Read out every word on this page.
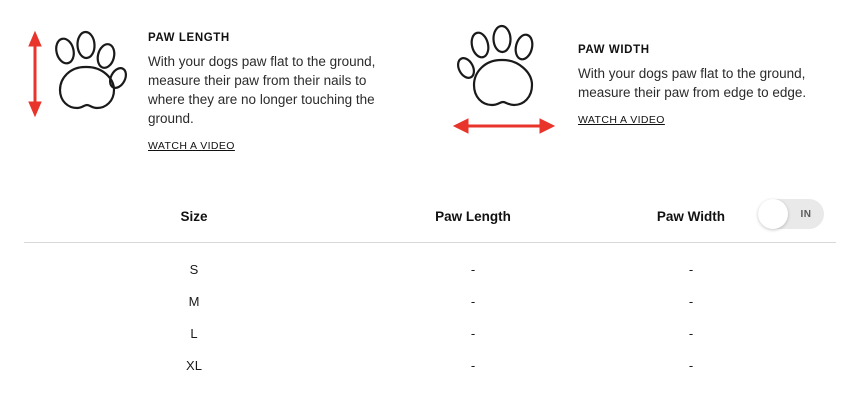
PAW LENGTH

With your dogs paw flat to the ground, measure their paw from their nails to where they are no longer touching the ground.

WATCH A VIDEO

PAW WIDTH

With your dogs paw flat to the ground, measure their paw from edge to edge.

WATCH A VIDEO
Size	Paw Length	Paw Width
S	-	-
M	-	-
L	-	-
XL	-	-
IN
